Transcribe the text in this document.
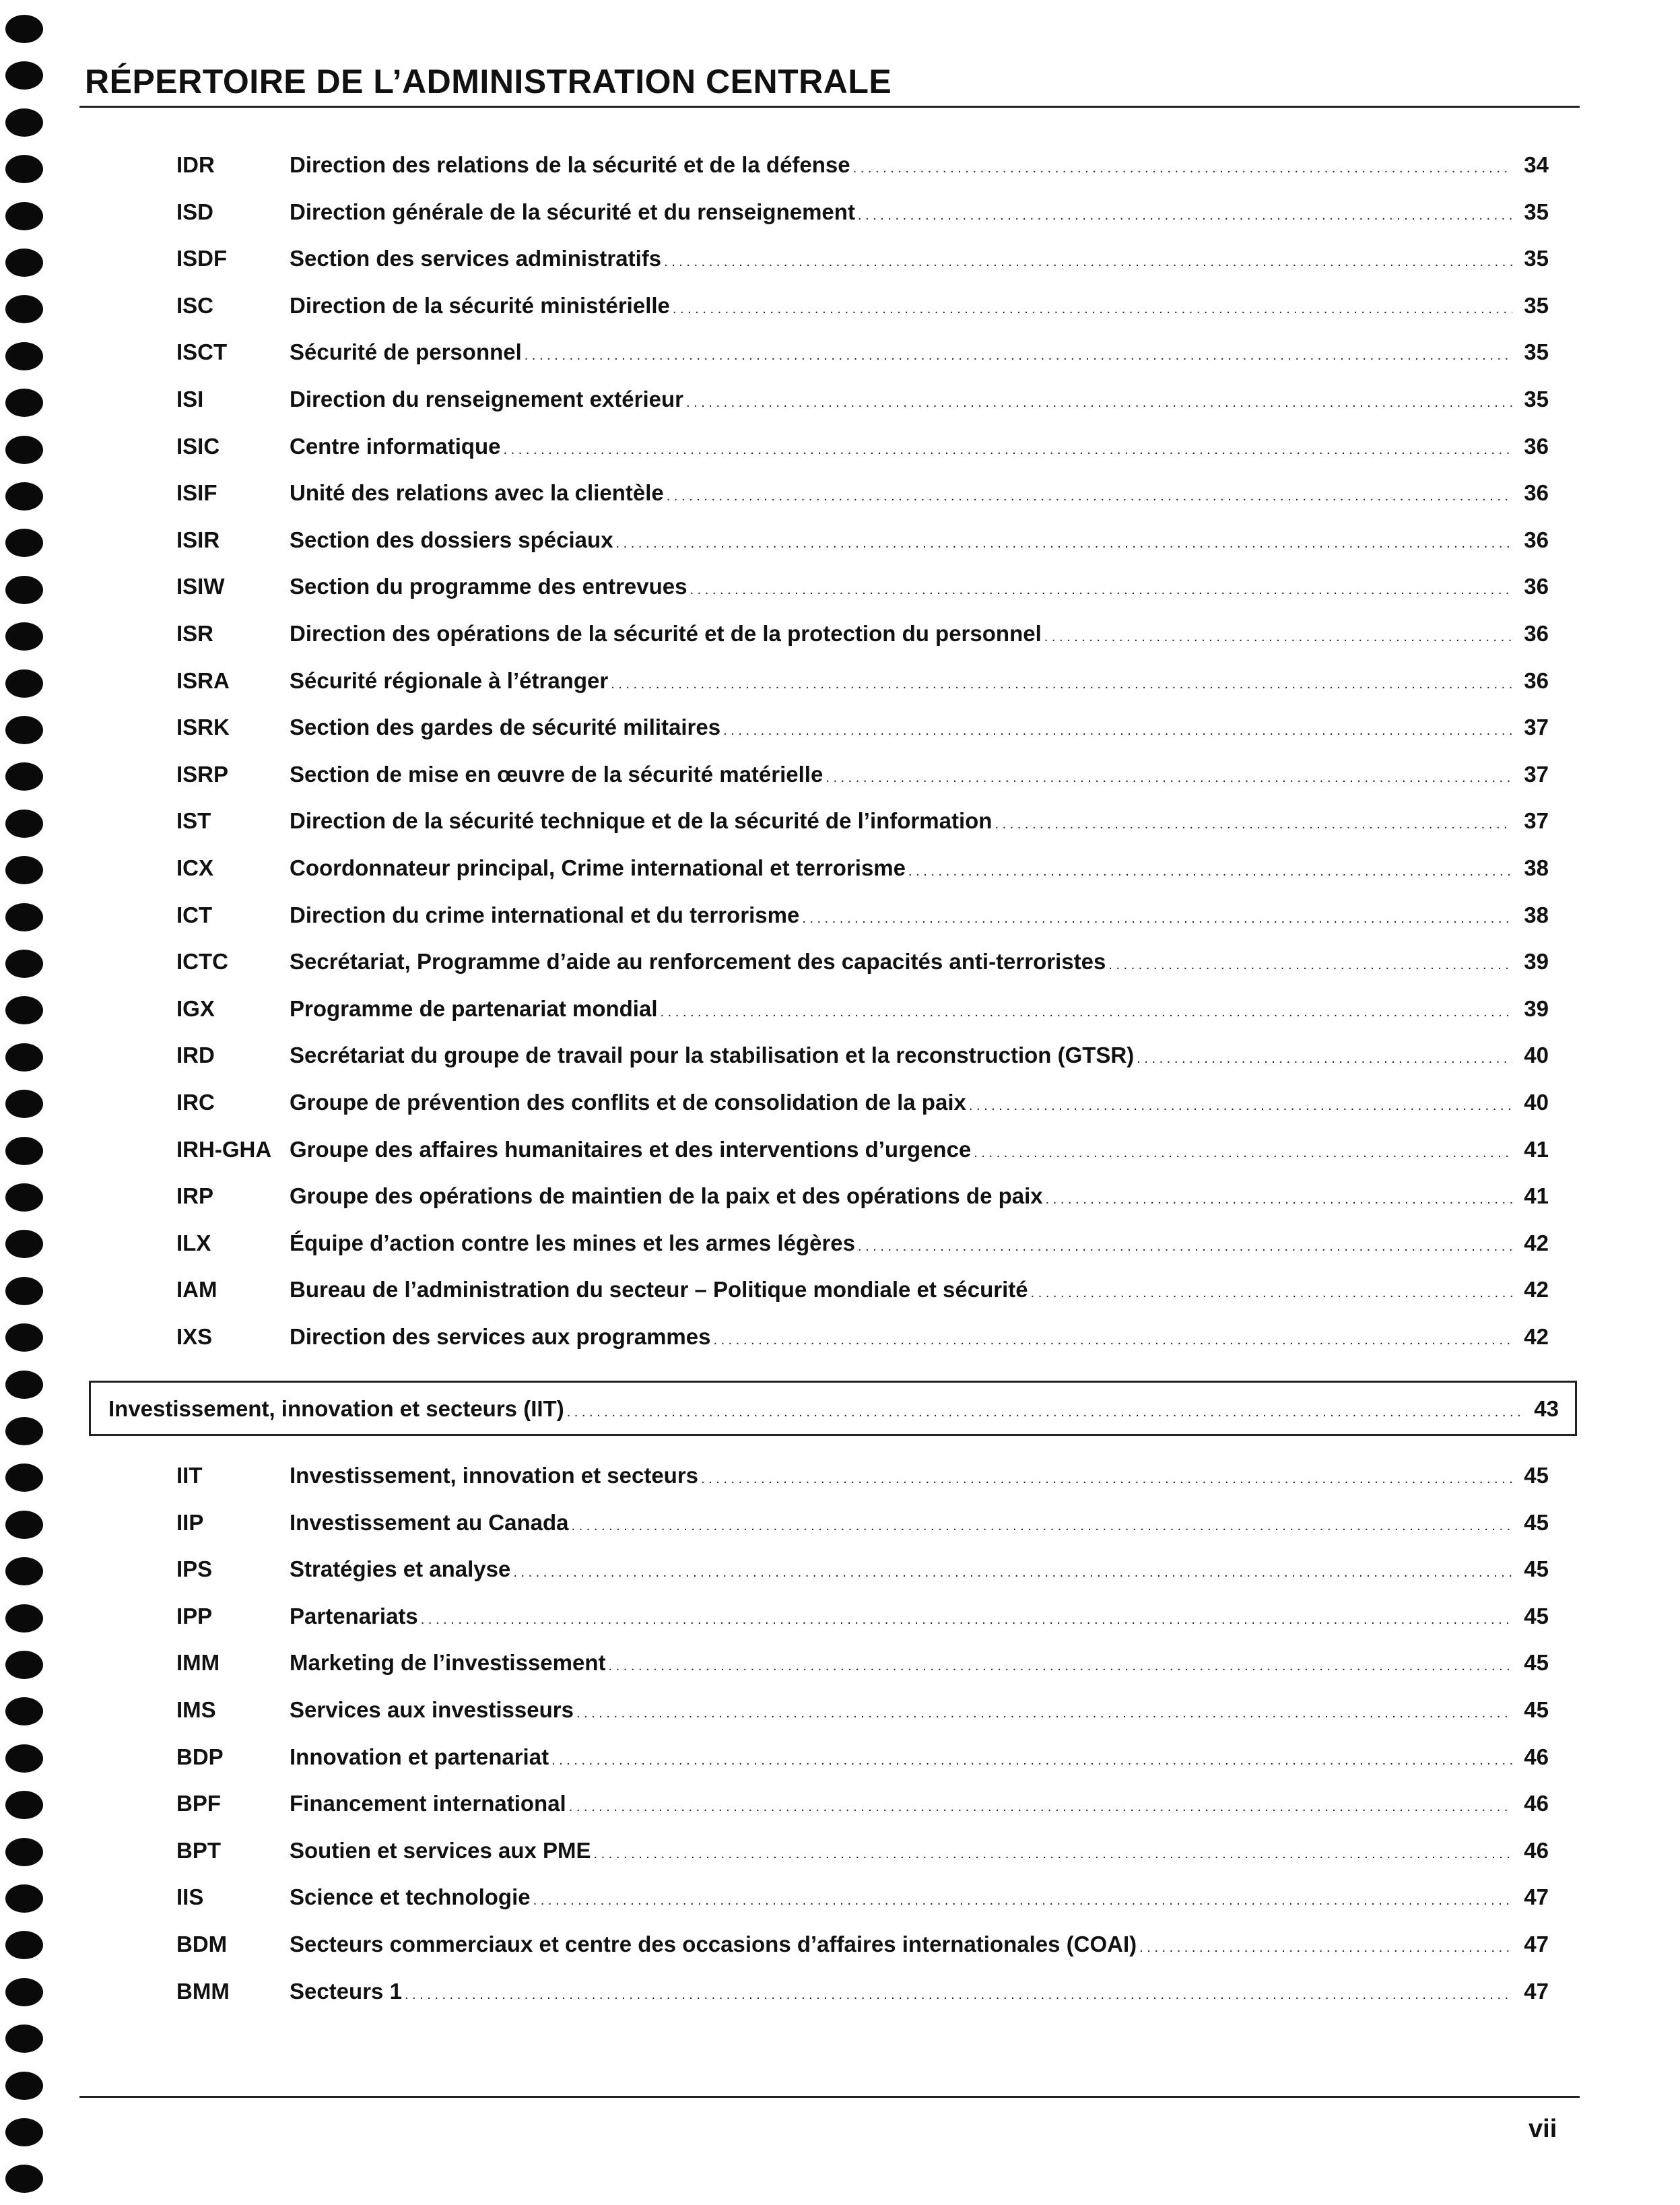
RÉPERTOIRE DE L’ADMINISTRATION CENTRALE
IDR	Direction des relations de la sécurité et de la défense . . .	34
ISD	Direction générale de la sécurité et du renseignement . . .	35
ISDF	Section des services administratifs . . .	35
ISC	Direction de la sécurité ministérielle . . .	35
ISCT	Sécurité de personnel . . .	35
ISI	Direction du renseignement extérieur . . .	35
ISIC	Centre informatique . . .	36
ISIF	Unité des relations avec la clientèle . . .	36
ISIR	Section des dossiers spéciaux . . .	36
ISIW	Section du programme des entrevues . . .	36
ISR	Direction des opérations de la sécurité et de la protection du personnel . . .	36
ISRA	Sécurité régionale à l’étranger . . .	36
ISRK	Section des gardes de sécurité militaires . . .	37
ISRP	Section de mise en œuvre de la sécurité matérielle . . .	37
IST	Direction de la sécurité technique et de la sécurité de l’information . . .	37
ICX	Coordonnateur principal, Crime international et terrorisme . . .	38
ICT	Direction du crime international et du terrorisme . . .	38
ICTC	Secrétariat, Programme d’aide au renforcement des capacités anti-terroristes . . .	39
IGX	Programme de partenariat mondial . . .	39
IRD	Secrétariat du groupe de travail pour la stabilisation et la reconstruction (GTSR) . . .	40
IRC	Groupe de prévention des conflits et de consolidation de la paix . . .	40
IRH-GHA Groupe des affaires humanitaires et des interventions d’urgence . . .	41
IRP	Groupe des opérations de maintien de la paix et des opérations de paix . . .	41
ILX	Équipe d’action contre les mines et les armes légères . . .	42
IAM	Bureau de l’administration du secteur – Politique mondiale et sécurité . . .	42
IXS	Direction des services aux programmes . . .	42
Investissement, innovation et secteurs (IIT) . . .	43
IIT	Investissement, innovation et secteurs . . .	45
IIP	Investissement au Canada . . .	45
IPS	Stratégies et analyse . . .	45
IPP	Partenariats . . .	45
IMM	Marketing de l’investissement . . .	45
IMS	Services aux investisseurs . . .	45
BDP	Innovation et partenariat . . .	46
BPF	Financement international . . .	46
BPT	Soutien et services aux PME . . .	46
IIS	Science et technologie . . .	47
BDM	Secteurs commerciaux et centre des occasions d’affaires internationales (COAI) . . .	47
BMM	Secteurs 1 . . .	47
vii
